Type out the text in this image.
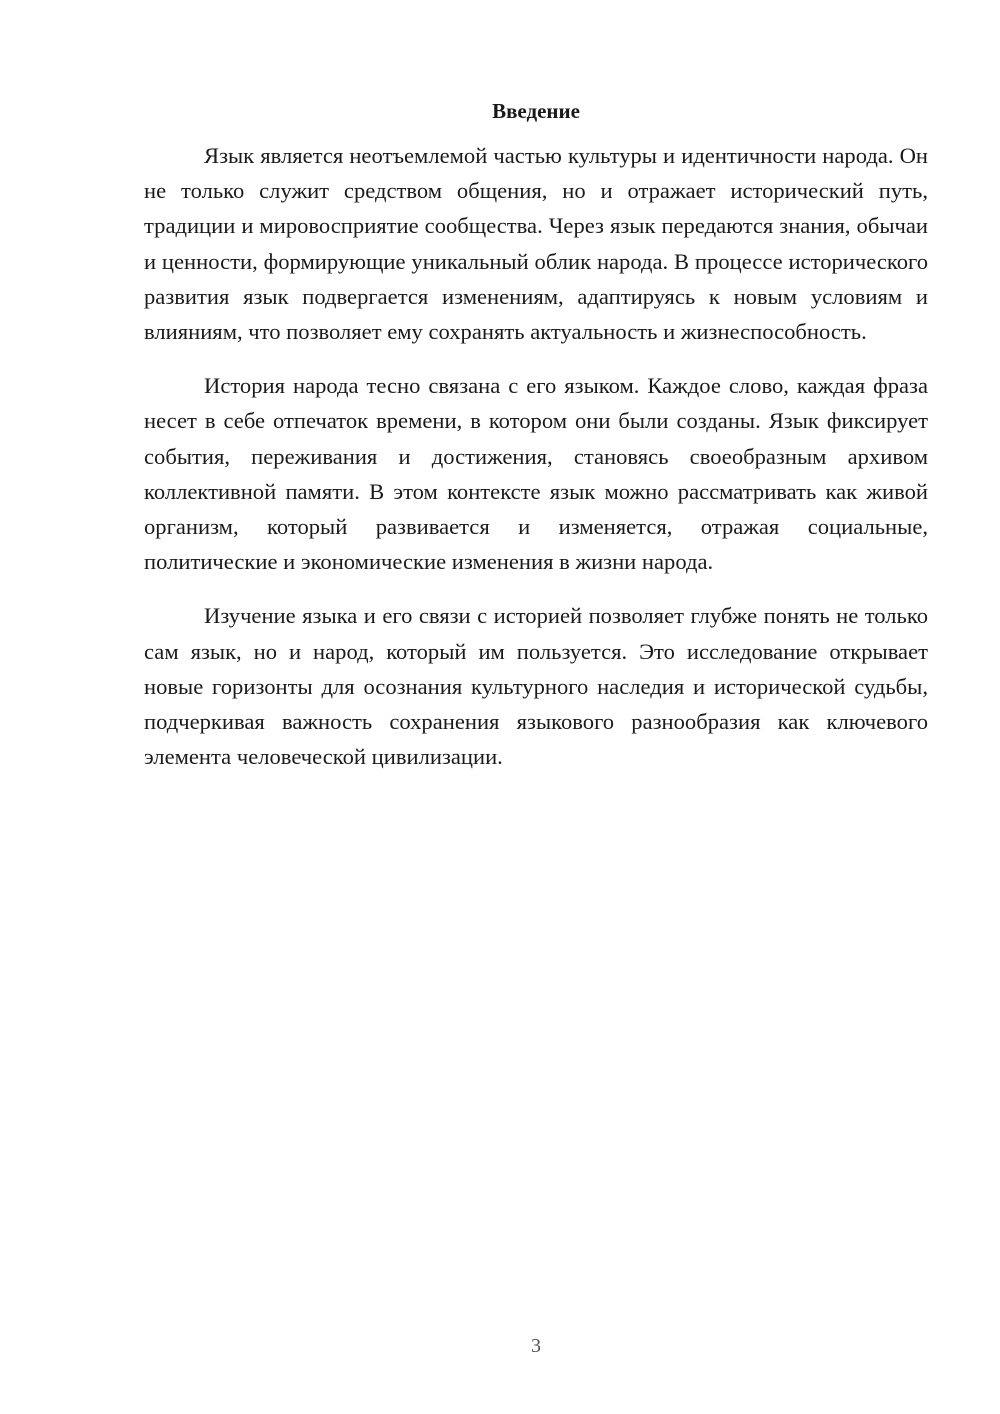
Введение

Язык является неотъемлемой частью культуры и идентичности народа. Он не только служит средством общения, но и отражает исторический путь, традиции и мировосприятие сообщества. Через язык передаются знания, обычаи и ценности, формирующие уникальный облик народа. В процессе исторического развития язык подвергается изменениям, адаптируясь к новым условиям и влияниям, что позволяет ему сохранять актуальность и жизнеспособность.

История народа тесно связана с его языком. Каждое слово, каждая фраза несет в себе отпечаток времени, в котором они были созданы. Язык фиксирует события, переживания и достижения, становясь своеобразным архивом коллективной памяти. В этом контексте язык можно рассматривать как живой организм, который развивается и изменяется, отражая социальные, политические и экономические изменения в жизни народа.

Изучение языка и его связи с историей позволяет глубже понять не только сам язык, но и народ, который им пользуется. Это исследование открывает новые горизонты для осознания культурного наследия и исторической судьбы, подчеркивая важность сохранения языкового разнообразия как ключевого элемента человеческой цивилизации.

3
